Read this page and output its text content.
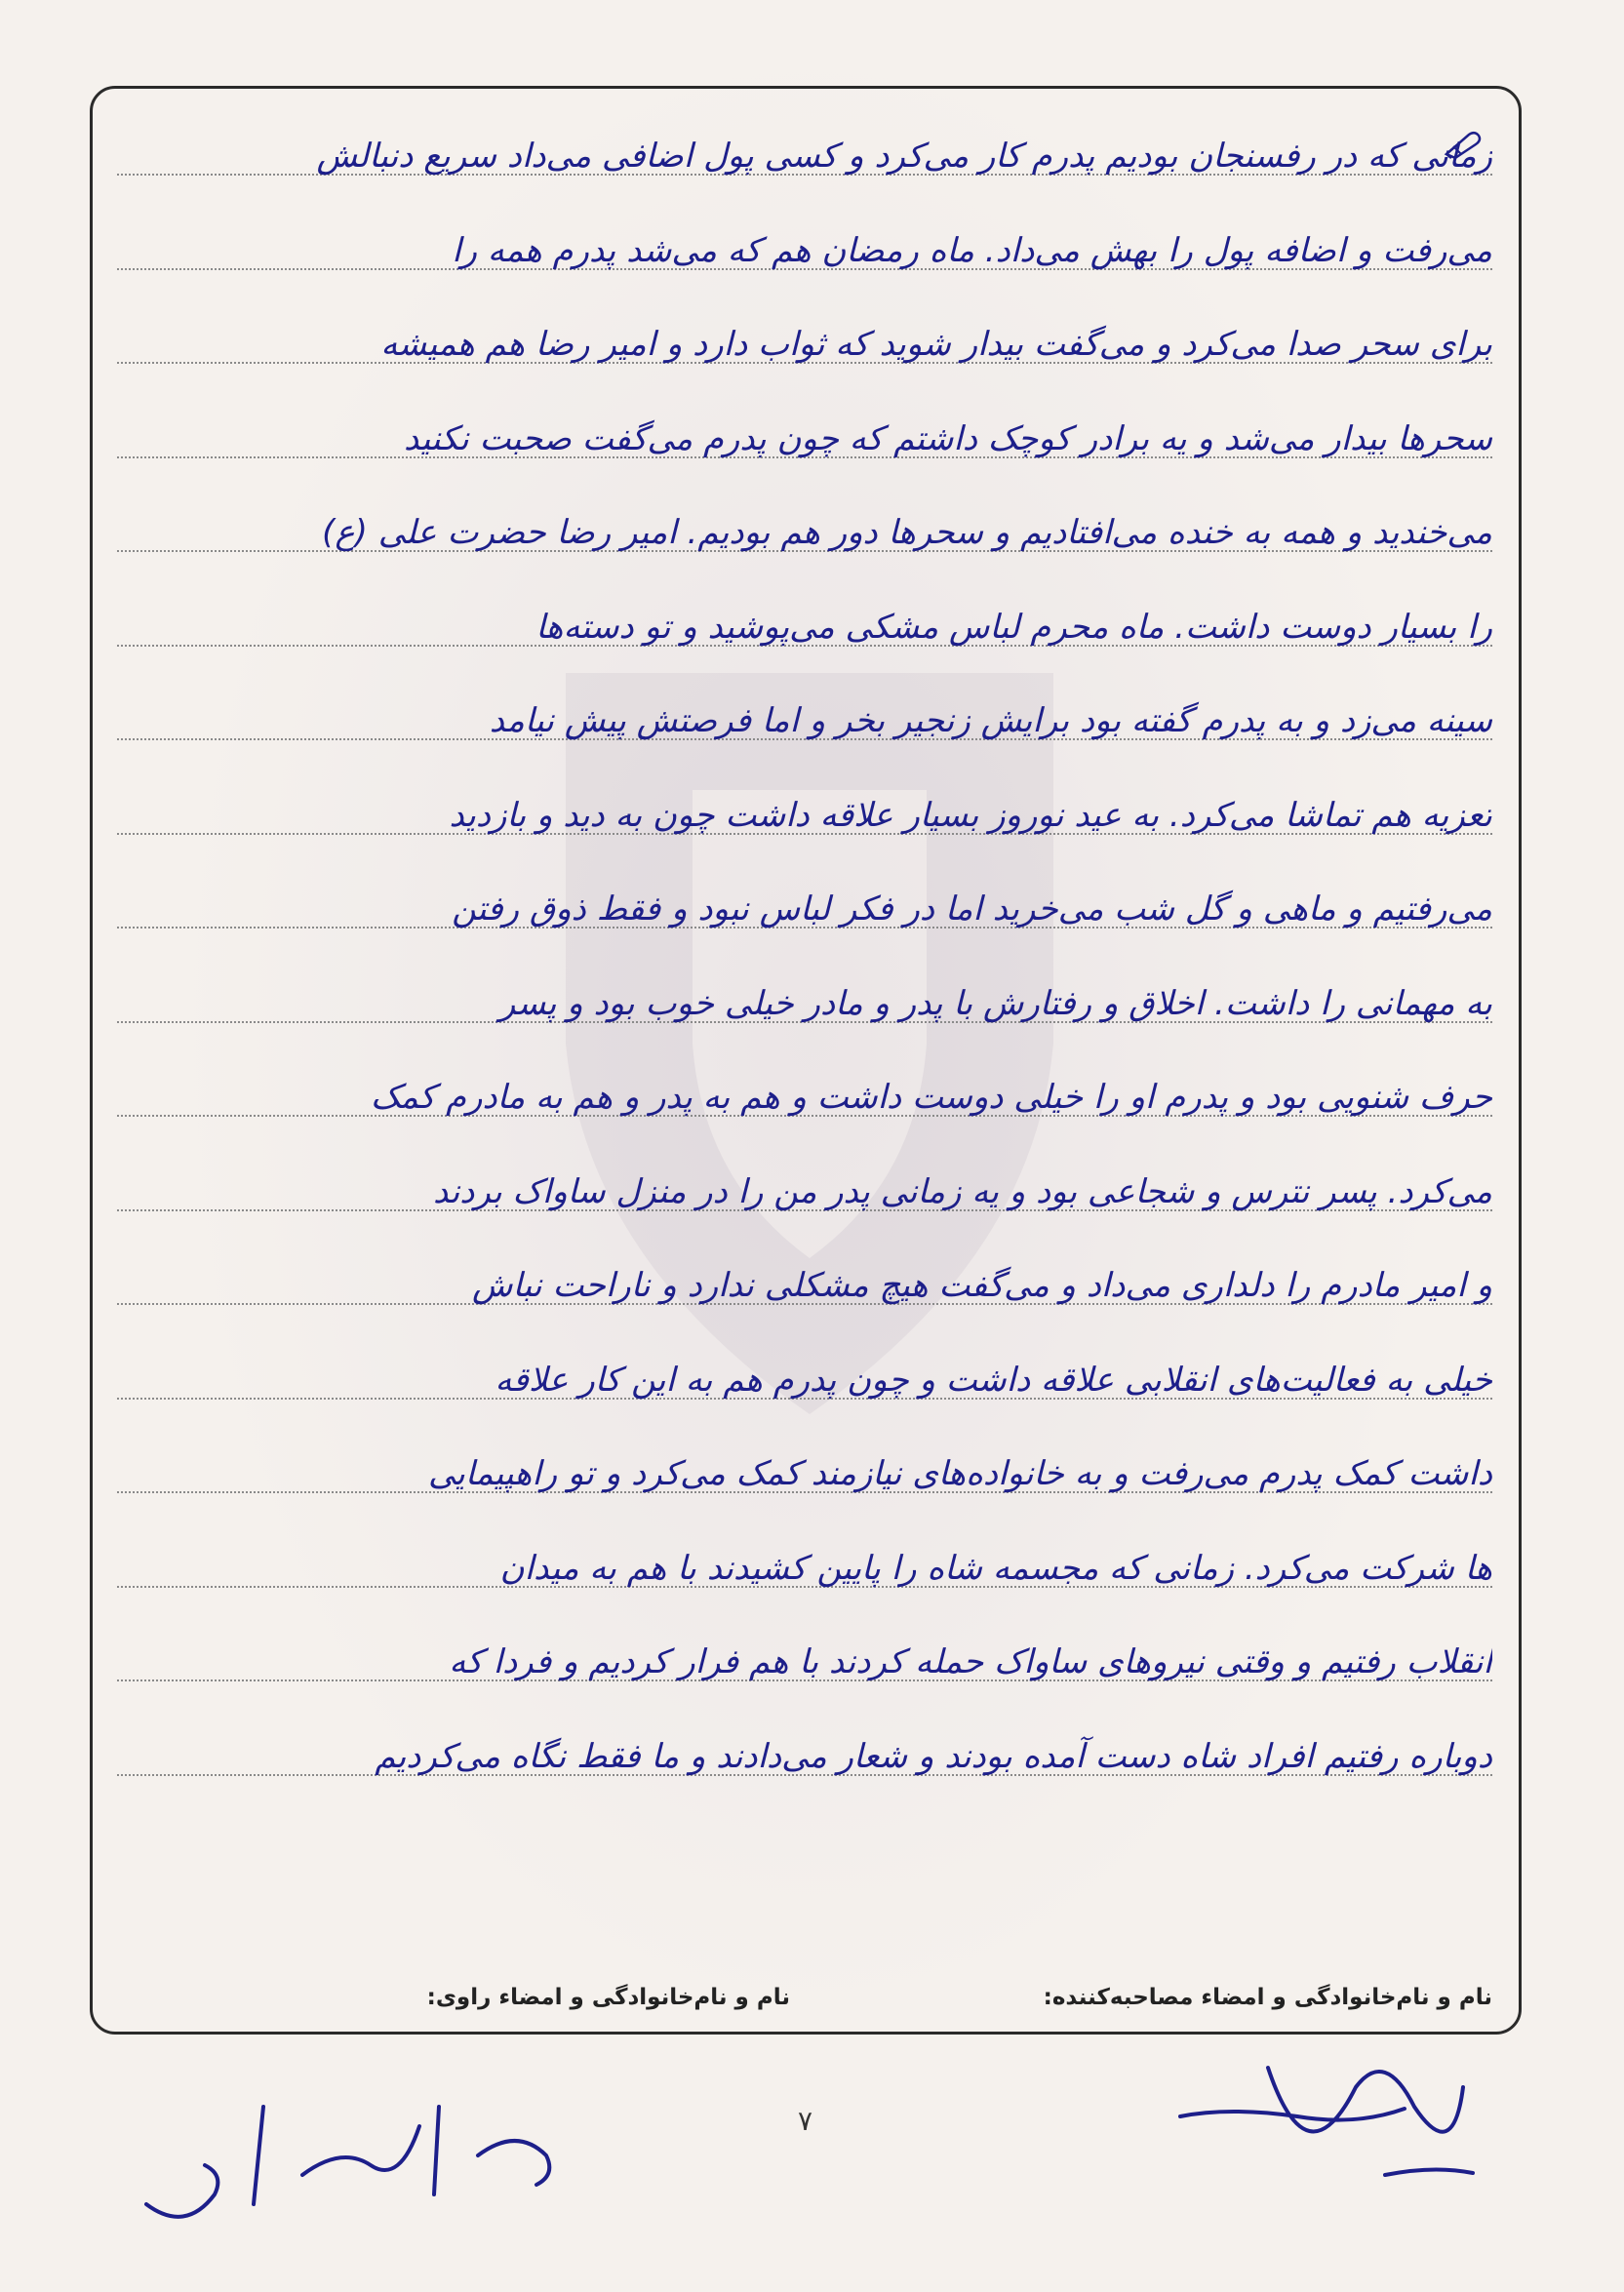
زمانی که در رفسنجان بودیم پدرم کار می‌کرد و کسی پول اضافی می‌داد سریع دنبالش
می‌رفت و اضافه پول را بهش می‌داد. ماه رمضان هم که می‌شد پدرم همه را
برای سحر صدا می‌کرد و می‌گفت بیدار شوید که ثواب دارد و امیر رضا هم همیشه
سحرها بیدار می‌شد و یه برادر کوچک داشتم که چون پدرم می‌گفت صحبت نکنید
می‌خندید و همه به خنده می‌افتادیم و سحرها دور هم بودیم. امیر رضا حضرت علی (ع)
را بسیار دوست داشت. ماه محرم لباس مشکی می‌پوشید و تو دسته‌ها
سینه می‌زد و به پدرم گفته بود برایش زنجیر بخر و اما فرصتش پیش نیامد
تعزیه هم تماشا می‌کرد. به عید نوروز بسیار علاقه داشت چون به دید و بازدید
می‌رفتیم و ماهی و گل شب می‌خرید اما در فکر لباس نبود و فقط ذوق رفتن
به مهمانی را داشت. اخلاق و رفتارش با پدر و مادر خیلی خوب بود و پسر
حرف شنویی بود و پدرم او را خیلی دوست داشت و هم به پدر و هم به مادرم کمک
می‌کرد. پسر نترس و شجاعی بود و یه زمانی پدر من را در منزل ساواک بردند
و امیر مادرم را دلداری می‌داد و می‌گفت هیچ مشکلی ندارد و ناراحت نباش
خیلی به فعالیت‌های انقلابی علاقه داشت و چون پدرم هم به این کار علاقه
داشت کمک پدرم می‌رفت و به خانواده‌های نیازمند کمک می‌کرد و تو راهپیمایی
ها شرکت می‌کرد. زمانی که مجسمه شاه را پایین کشیدند با هم به میدان
انقلاب رفتیم و وقتی نیروهای ساواک حمله کردند با هم فرار کردیم و فردا که
دوباره رفتیم افراد شاه دست آمده بودند و شعار می‌دادند و ما فقط نگاه می‌کردیم
نام و نام‌خانوادگی و امضاء مصاحبه‌کننده:
نام و نام‌خانوادگی و امضاء راوی:
۷
